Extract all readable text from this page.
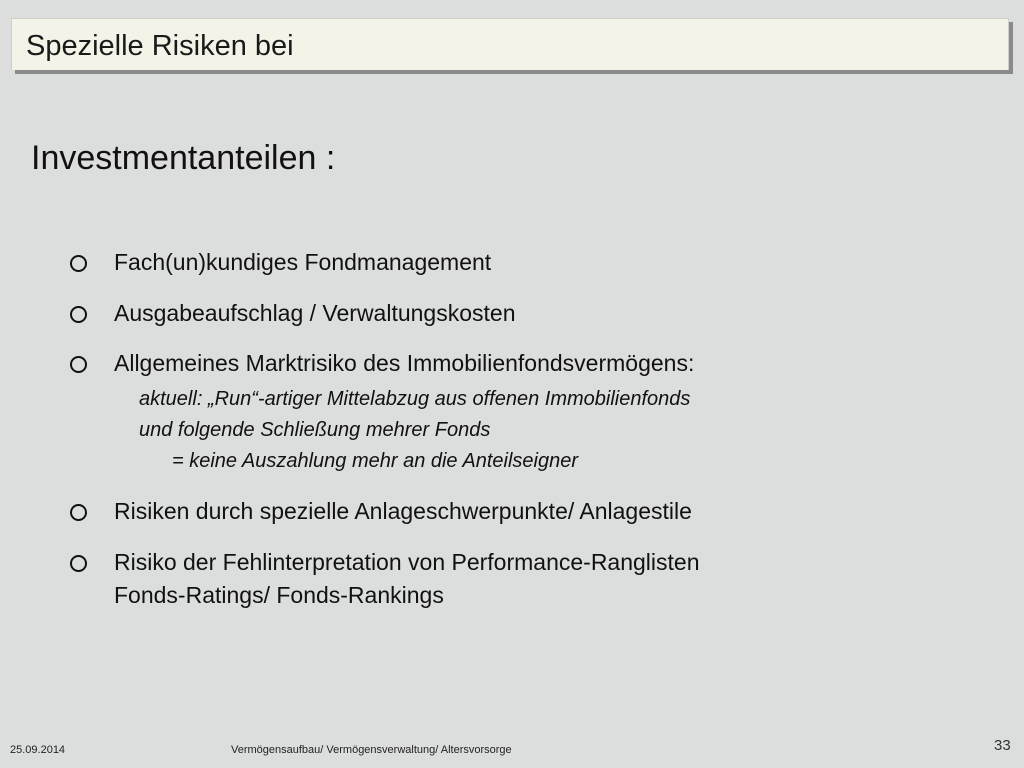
Spezielle Risiken bei
Investmentanteilen :
Fach(un)kundiges Fondmanagement
Ausgabeaufschlag / Verwaltungskosten
Allgemeines Marktrisiko des Immobilienfondsvermögens:
aktuell: „Run“-artiger Mittelabzug aus offenen Immobilienfonds
und folgende Schließung mehrer Fonds
= keine Auszahlung mehr an die Anteilseigner
Risiken durch spezielle Anlageschwerpunkte/ Anlagestile
Risiko der Fehlinterpretation von Performance-Ranglisten
Fonds-Ratings/ Fonds-Rankings
25.09.2014	Vermögensaufbau/ Vermögensverwaltung/ Altersvorsorge	33
